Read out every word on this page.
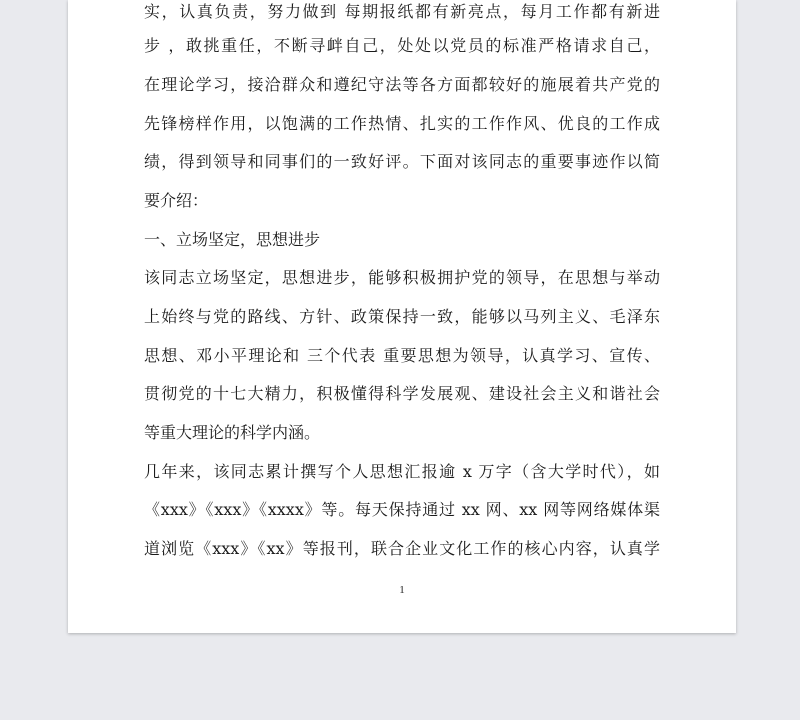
实，认真负责，努力做到 每期报纸都有新亮点，每月工作都有新进
步 ，敢挑重任，不断寻衅自己，处处以党员的标准严格请求自己，
在理论学习，接洽群众和遵纪守法等各方面都较好的施展着共产党的
先锋榜样作用，以饱满的工作热情、扎实的工作作风、优良的工作成
绩，得到领导和同事们的一致好评。下面对该同志的重要事迹作以简
要介绍：
一、立场坚定，思想进步
该同志立场坚定，思想进步，能够积极拥护党的领导，在思想与举动
上始终与党的路线、方针、政策保持一致，能够以马列主义、毛泽东
思想、邓小平理论和 三个代表 重要思想为领导，认真学习、宣传、
贯彻党的十七大精力，积极懂得科学发展观、建设社会主义和谐社会
等重大理论的科学内涵。
几年来，该同志累计撰写个人思想汇报逾 x 万字（含大学时代），如
《xxx》《xxx》《xxxx》等。每天保持通过 xx 网、xx 网等网络媒体渠
道浏览《xxx》《xx》等报刊，联合企业文化工作的核心内容，认真学
1
